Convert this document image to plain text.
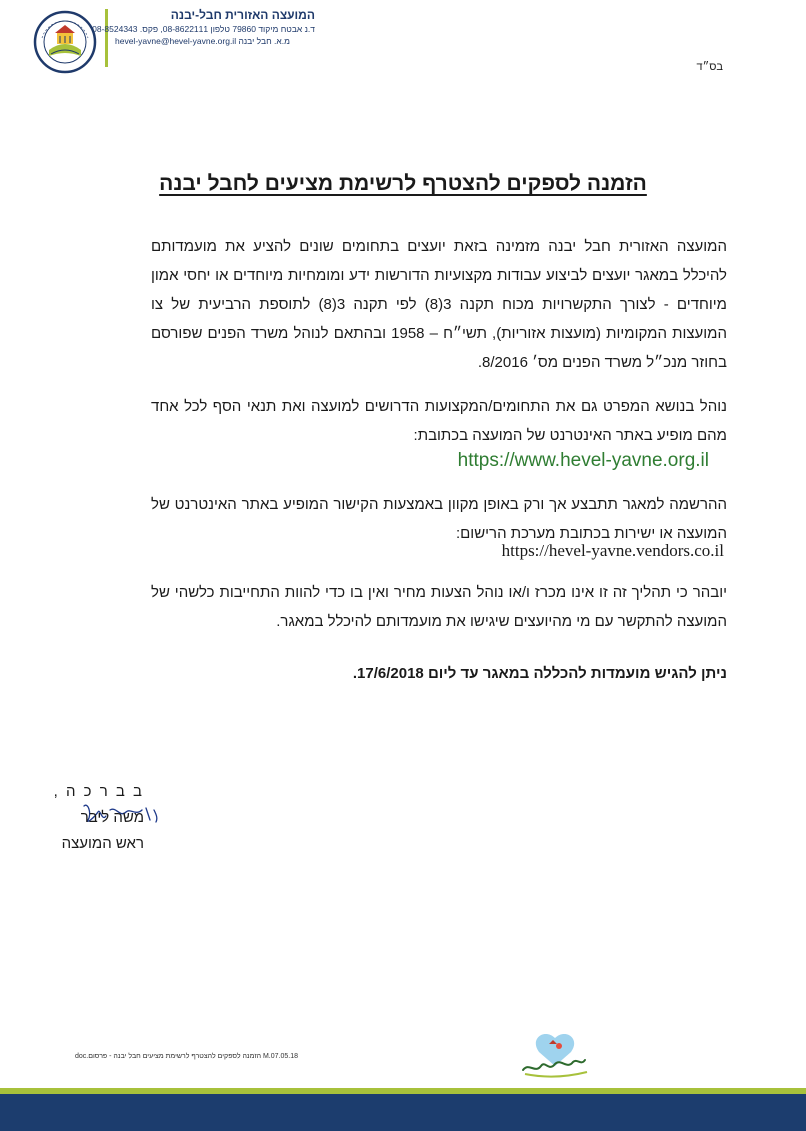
המועצה האזורית חבל-יבנה
ד.נ אבטח מיקוד 79860 טלפון 08-8622111, פקס. 08-8524343
hevel-yavne@hevel-yavne.org.il מ.א. חבל יבנה
בס״ד
הזמנה לספקים להצטרף לרשימת מציעים לחבל יבנה
המועצה האזורית חבל יבנה מזמינה בזאת יועצים בתחומים שונים להציע את מועמדותם להיכלל במאגר יועצים לביצוע עבודות מקצועיות הדורשות ידע ומומחיות מיוחדים או יחסי אמון מיוחדים - לצורך התקשרויות מכוח תקנה 3(8) לפי תקנה 3(8) לתוספת הרביעית של צו המועצות המקומיות (מועצות אזוריות), תשי״ח – 1958 ובהתאם לנוהל משרד הפנים שפורסם בחוזר מנכ״ל משרד הפנים מס׳ 8/2016.
נוהל בנושא המפרט גם את התחומים/המקצועות הדרושים למועצה ואת תנאי הסף לכל אחד מהם מופיע באתר האינטרנט של המועצה בכתובת:
https://www.hevel-yavne.org.il
ההרשמה למאגר תתבצע אך ורק באופן מקוון באמצעות הקישור המופיע באתר האינטרנט של המועצה או ישירות בכתובת מערכת הרישום:
https://hevel-yavne.vendors.co.il
יובהר כי תהליך זה זו אינו מכרז ו/או נוהל הצעות מחיר ואין בו כדי להוות התחייבות כלשהי של המועצה להתקשר עם מי מהיועצים שיגישו את מועמדותם להיכלל במאגר.
ניתן להגיש מועמדות להכללה במאגר עד ליום 17/6/2018.
ב ב ר כ ה ,
משה ליבר
ראש המועצה
M.07.05.18 הזמנה לספקים להצטרף לרשימת מציעים חבל יבנה - פרסום.doc
